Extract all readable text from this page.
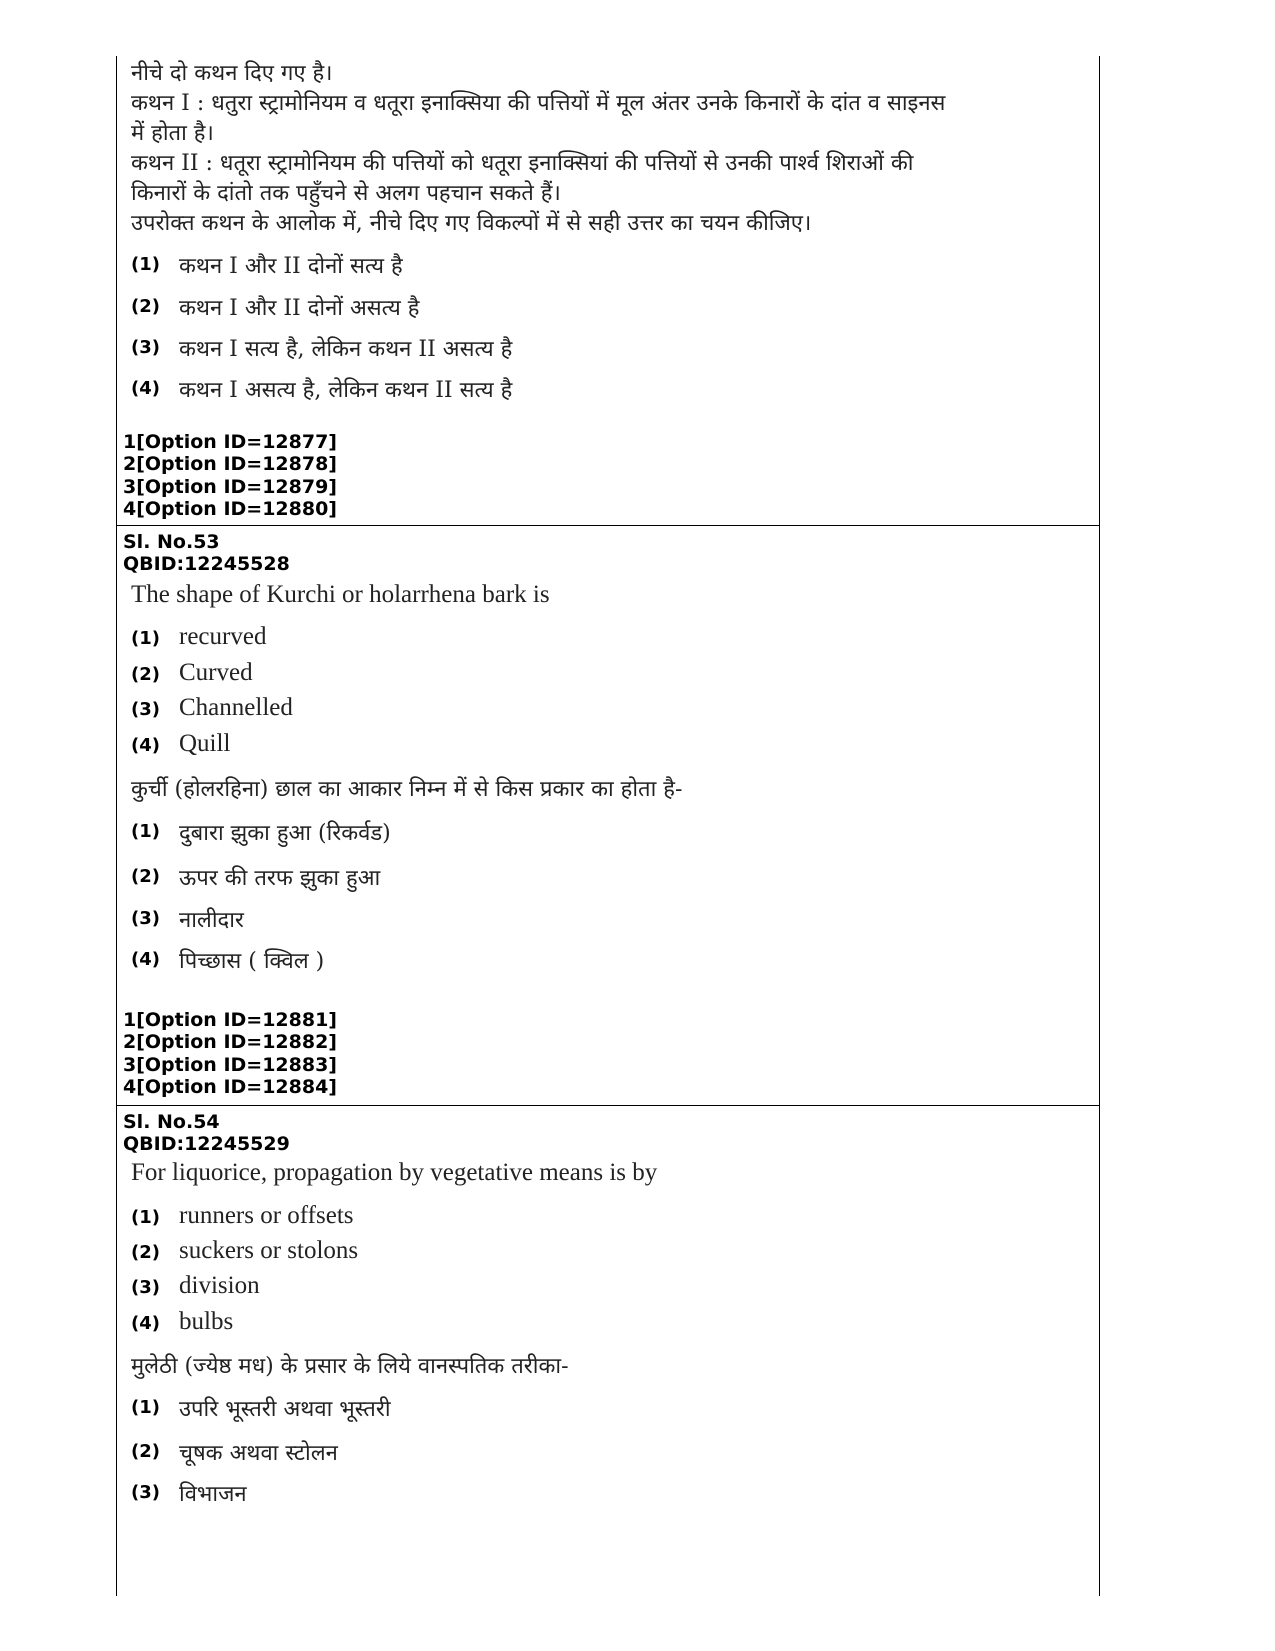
नीचे दो कथन दिए गए है।
कथन I : धतुरा स्ट्रामोनियम व धतूरा इनाक्सिया की पत्तियों में मूल अंतर उनके किनारों के दांत व साइनस
में होता है।
कथन II : धतूरा स्ट्रामोनियम की पत्तियों को धतूरा इनाक्सियां की पत्तियों से उनकी पार्श्व शिराओं की
किनारों के दांतो तक पहुँचने से अलग पहचान सकते हैं।
उपरोक्त कथन के आलोक में, नीचे दिए गए विकल्पों में से सही उत्तर का चयन कीजिए।
(1) कथन I और II दोनों सत्य है
(2) कथन I और II दोनों असत्य है
(3) कथन I सत्य है, लेकिन कथन II असत्य है
(4) कथन I असत्य है, लेकिन कथन II सत्य है
1[Option ID=12877]
2[Option ID=12878]
3[Option ID=12879]
4[Option ID=12880]
Sl. No.53
QBID:12245528
The shape of Kurchi or holarrhena bark is
(1) recurved
(2) Curved
(3) Channelled
(4) Quill
कुर्ची (होलरहिना) छाल का आकार निम्न में से किस प्रकार का होता है-
(1) दुबारा झुका हुआ (रिकर्वड)
(2) ऊपर की तरफ झुका हुआ
(3) नालीदार
(4) पिच्छास ( क्विल )
1[Option ID=12881]
2[Option ID=12882]
3[Option ID=12883]
4[Option ID=12884]
Sl. No.54
QBID:12245529
For liquorice, propagation by vegetative means is by
(1) runners or offsets
(2) suckers or stolons
(3) division
(4) bulbs
मुलेठी (ज्येष्ठ मध) के प्रसार के लिये वानस्पतिक तरीका-
(1) उपरि भूस्तरी अथवा भूस्तरी
(2) चूषक अथवा स्टोलन
(3) विभाजन
